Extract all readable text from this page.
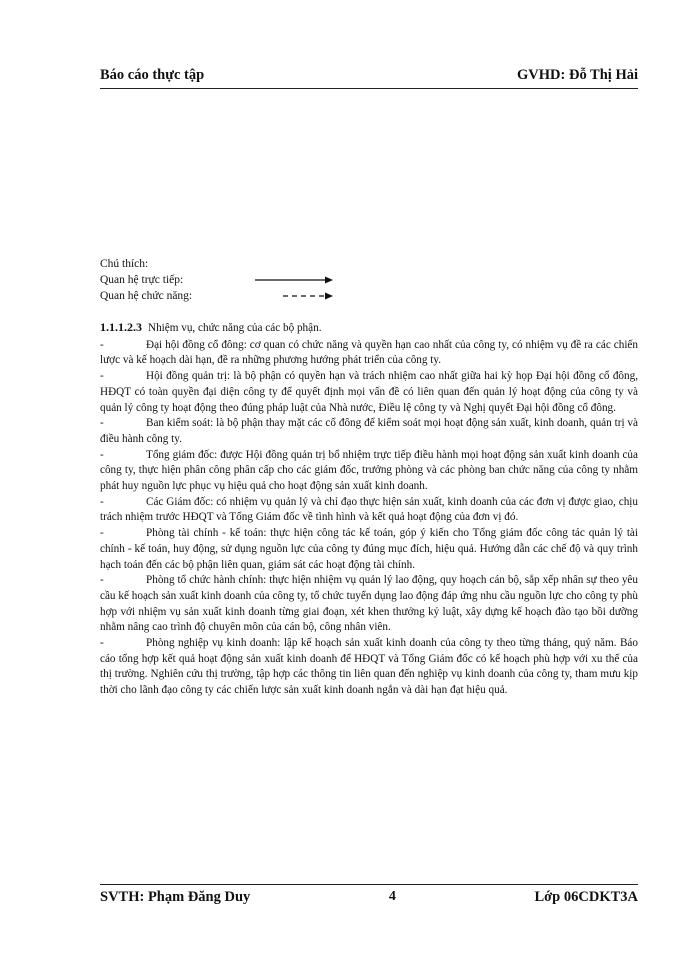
Báo cáo thực tập	GVHD: Đỗ Thị Hải
Chú thích:
Quan hệ trực tiếp:
Quan hệ chức năng:
1.1.1.2.3 Nhiệm vụ, chức năng của các bộ phận.

-	Đại hội đồng cổ đông: cơ quan có chức năng và quyền hạn cao nhất của công ty, có nhiệm vụ đề ra các chiến lược và kế hoạch dài hạn, đề ra những phương hướng phát triển của công ty.

-	Hội đồng quản trị: là bộ phận có quyền hạn và trách nhiệm cao nhất giữa hai kỳ họp Đại hội đồng cổ đông, HĐQT có toàn quyền đại diện công ty để quyết định mọi vấn đề có liên quan đến quản lý hoạt động của công ty và quản lý công ty hoạt động theo đúng pháp luật của Nhà nước, Điều lệ công ty và Nghị quyết Đại hội đồng cổ đông.

-	Ban kiểm soát: là bộ phận thay mặt các cổ đông để kiểm soát mọi hoạt động sản xuất, kinh doanh, quản trị và điều hành công ty.

-	Tổng giám đốc: được Hội đồng quản trị bổ nhiệm trực tiếp điều hành mọi hoạt động sản xuất kinh doanh của công ty, thực hiện phân công phân cấp cho các giám đốc, trưởng phòng và các phòng ban chức năng của công ty nhằm phát huy nguồn lực phục vụ hiệu quả cho hoạt động sản xuất kinh doanh.

-	Các Giám đốc: có nhiệm vụ quản lý và chỉ đạo thực hiện sản xuất, kinh doanh của các đơn vị được giao, chịu trách nhiệm trước HĐQT và Tổng Giám đốc về tình hình và kết quả hoạt động của đơn vị đó.

-	Phòng tài chính - kế toán: thực hiện công tác kế toán, góp ý kiến cho Tổng giám đốc công tác quản lý tài chính - kế toán, huy động, sử dụng nguồn lực của công ty đúng mục đích, hiệu quả. Hướng dẫn các chế độ và quy trình hạch toán đến các bộ phận liên quan, giám sát các hoạt động tài chính.

-	Phòng tổ chức hành chính: thực hiện nhiệm vụ quản lý lao động, quy hoạch cán bộ, sắp xếp nhân sự theo yêu cầu kế hoạch sản xuất kinh doanh của công ty, tổ chức tuyển dụng lao động đáp ứng nhu cầu nguồn lực cho công ty phù hợp với nhiệm vụ sản xuất kinh doanh từng giai đoạn, xét khen thưởng kỷ luật, xây dựng kế hoạch đào tạo bồi dưỡng nhằm nâng cao trình độ chuyên môn của cán bộ, công nhân viên.

-	Phòng nghiệp vụ kinh doanh: lập kế hoạch sản xuất kinh doanh của công ty theo từng tháng, quý năm. Báo cáo tổng hợp kết quả hoạt động sản xuất kinh doanh để HĐQT và Tổng Giám đốc có kế hoạch phù hợp với xu thế của thị trường. Nghiên cứu thị trường, tập hợp các thông tin liên quan đến nghiệp vụ kinh doanh của công ty, tham mưu kịp thời cho lãnh đạo công ty các chiến lược sản xuất kinh doanh ngắn và dài hạn đạt hiệu quả.

SVTH: Phạm Đăng Duy	4	Lớp 06CDKT3A
